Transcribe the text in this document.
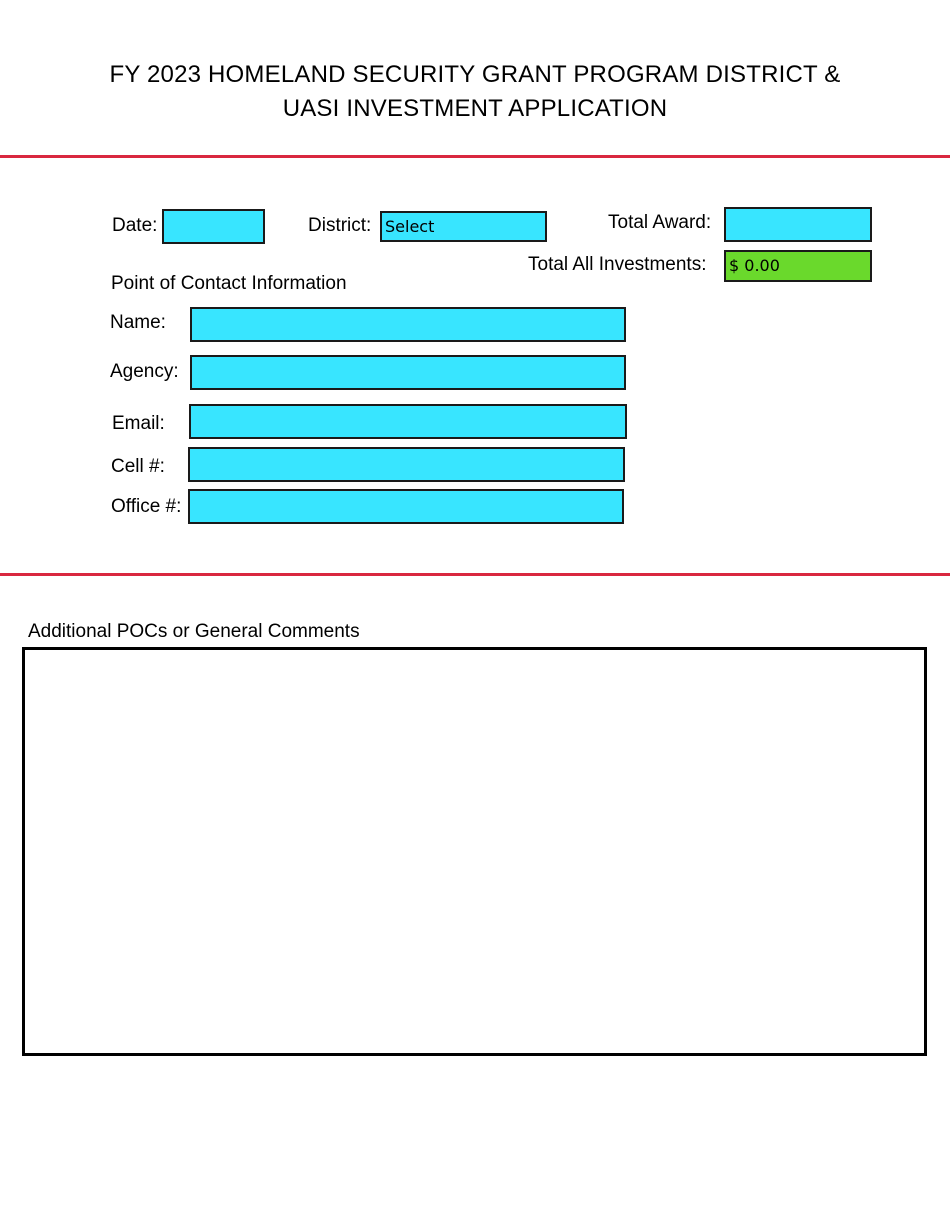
FY 2023 HOMELAND SECURITY GRANT PROGRAM DISTRICT &
UASI INVESTMENT APPLICATION
Date:	District: Select	Total Award:
Total All Investments: $ 0.00
Point of Contact Information
Name:
Agency:
Email:
Cell #:
Office #:
Additional POCs or General Comments
